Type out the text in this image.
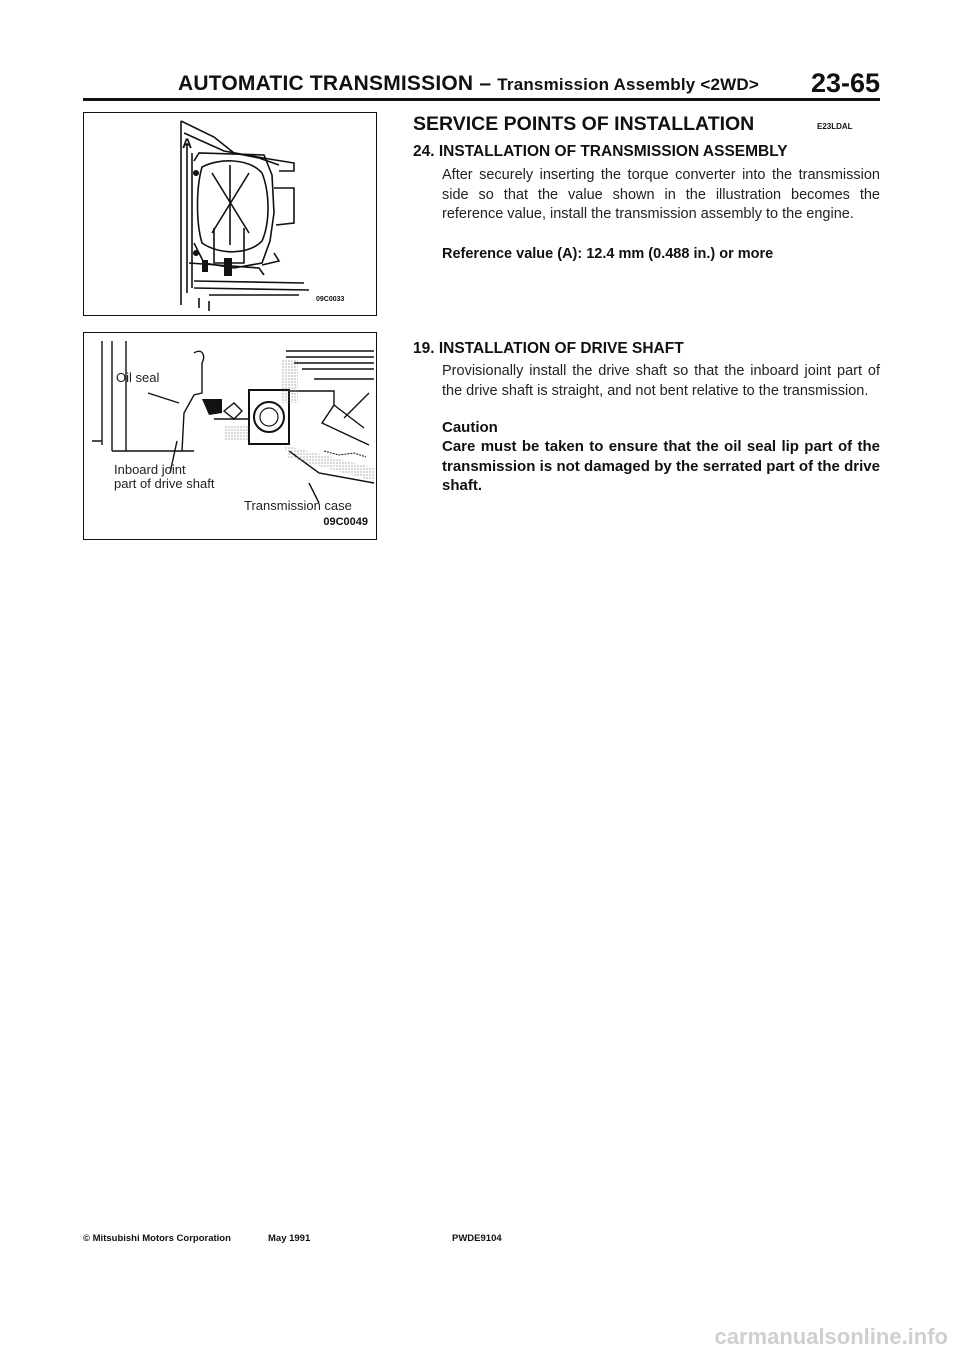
AUTOMATIC TRANSMISSION – Transmission Assembly <2WD> 23-65
A
09C0033
Oil seal
Inboard joint
part of drive shaft
Transmission case
09C0049
SERVICE POINTS OF INSTALLATION	E23LDAL
24. INSTALLATION OF TRANSMISSION ASSEMBLY
After securely inserting the torque converter into the transmission side so that the value shown in the illustration becomes the reference value, install the transmission assembly to the engine.
Reference value (A): 12.4 mm (0.488 in.) or more
19. INSTALLATION OF DRIVE SHAFT
Provisionally install the drive shaft so that the inboard joint part of the drive shaft is straight, and not bent relative to the transmission.
Caution
Care must be taken to ensure that the oil seal lip part of the transmission is not damaged by the serrated part of the drive shaft.
© Mitsubishi Motors Corporation	May 1991	PWDE9104
carmanualsonline.info
